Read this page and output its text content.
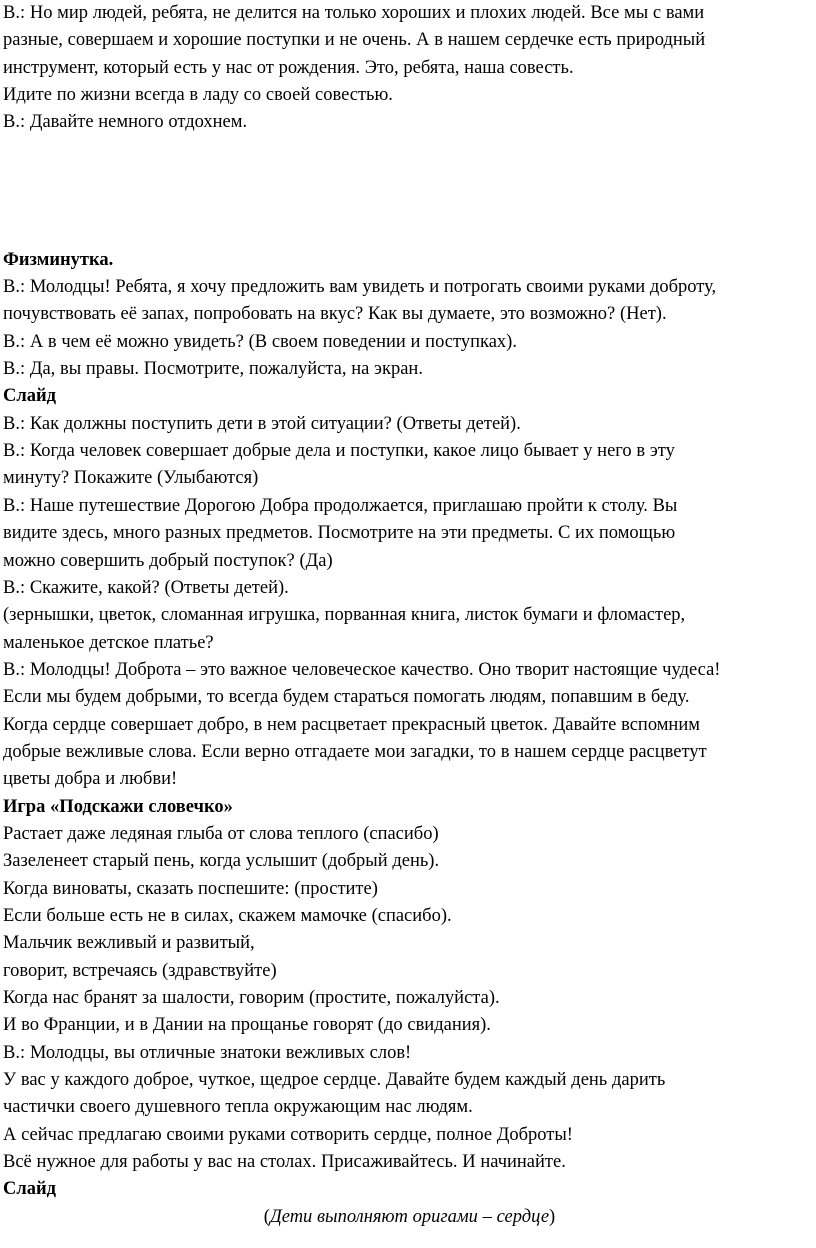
В.: Но мир людей, ребята, не делится на только хороших и плохих людей. Все мы с вами

разные, совершаем и хорошие поступки и не очень. А в нашем сердечке есть природный

инструмент, который есть у нас от рождения. Это, ребята, наша совесть.

Идите по жизни всегда в ладу со своей совестью.

В.: Давайте немного отдохнем.

Физминутка.

В.: Молодцы! Ребята, я хочу предложить вам увидеть и потрогать своими руками доброту,

почувствовать её запах, попробовать на вкус? Как вы думаете, это возможно? (Нет).

В.: А в чем её можно увидеть? (В своем поведении и поступках).

В.: Да, вы правы. Посмотрите, пожалуйста, на экран.

Слайд

В.: Как должны поступить дети в этой ситуации? (Ответы детей).

В.: Когда человек совершает добрые дела и поступки, какое лицо бывает у него в эту

минуту? Покажите (Улыбаются)

В.: Наше путешествие Дорогою Добра продолжается, приглашаю пройти к столу. Вы

видите здесь, много разных предметов. Посмотрите на эти предметы. С их помощью

можно совершить добрый поступок? (Да)

В.: Скажите, какой? (Ответы детей).

(зернышки, цветок, сломанная игрушка, порванная книга, листок бумаги и фломастер,

маленькое детское платье?

В.: Молодцы! Доброта – это важное человеческое качество. Оно творит настоящие чудеса!

Если мы будем добрыми, то всегда будем стараться помогать людям, попавшим в беду.

Когда сердце совершает добро, в нем расцветает прекрасный цветок. Давайте вспомним

добрые вежливые слова. Если верно отгадаете мои загадки, то в нашем сердце расцветут

цветы добра и любви!

Игра «Подскажи словечко»

Растает даже ледяная глыба от слова теплого (спасибо)

Зазеленеет старый пень, когда услышит (добрый день).

Когда виноваты, сказать поспешите: (простите)

Если больше есть не в силах, скажем мамочке (спасибо).

Мальчик вежливый и развитый,

говорит, встречаясь (здравствуйте)

Когда нас бранят за шалости, говорим (простите, пожалуйста).

И во Франции, и в Дании на прощанье говорят (до свидания).

В.: Молодцы, вы отличные знатоки вежливых слов!

У вас у каждого доброе, чуткое, щедрое сердце. Давайте будем каждый день дарить

частички своего душевного тепла окружающим нас людям.

А сейчас предлагаю своими руками сотворить сердце, полное Доброты!

Всё нужное для работы у вас на столах. Присаживайтесь. И начинайте.

Слайд

(Дети выполняют оригами – сердце)
